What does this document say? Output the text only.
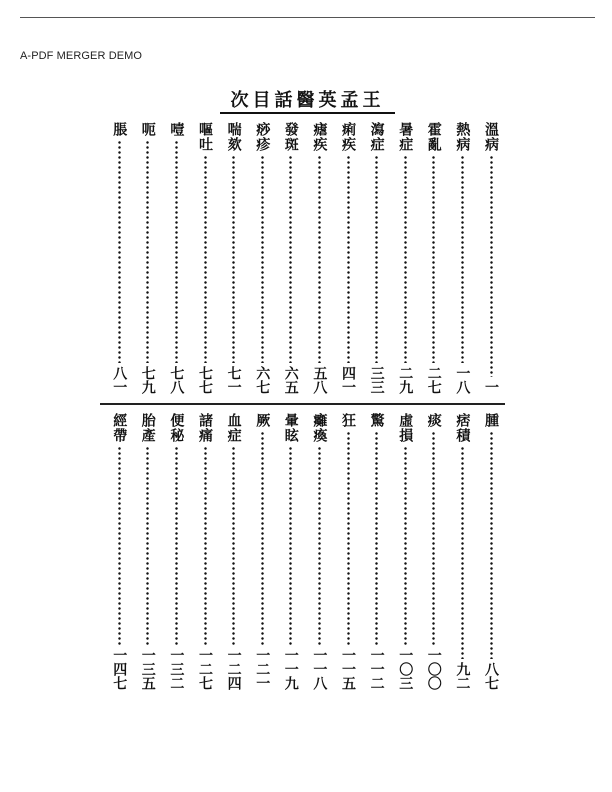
A-PDF MERGER DEMO
王孟英醫話目次
溫病
一
熱病
一八
霍亂
二七
暑症
二九
瀉症
三三
痢疾
四一
瘧疾
五八
發斑
六五
痧疹
六七
喘欬
七一
嘔吐
七七
噎
七八
呃
七九
脹
八一
腫
八七
痞積
九二
痰
一〇〇
虛損
一〇三
驚
一一二
狂
一一五
癱瘓
一一八
暈眩
一一九
厥
一二一
血症
一二四
諸痛
一二七
便秘
一三二
胎產
一三五
經帶
一四七
